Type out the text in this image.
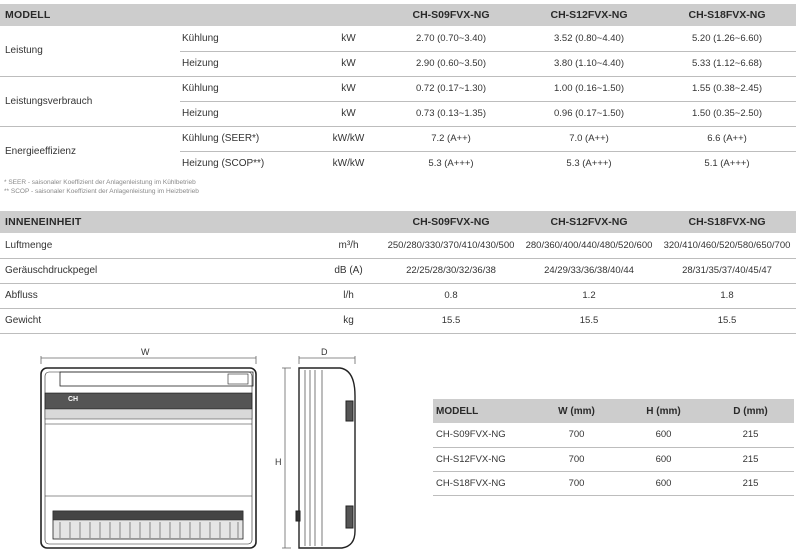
MODELL			CH-S09FVX-NG	CH-S12FVX-NG	CH-S18FVX-NG
Leistung	Kühlung	kW	2.70 (0.70~3.40)	3.52 (0.80~4.40)	5.20 (1.26~6.60)
	Heizung	kW	2.90 (0.60~3.50)	3.80 (1.10~4.40)	5.33 (1.12~6.68)
Leistungsverbrauch	Kühlung	kW	0.72 (0.17~1.30)	1.00 (0.16~1.50)	1.55 (0.38~2.45)
	Heizung	kW	0.73 (0.13~1.35)	0.96 (0.17~1.50)	1.50 (0.35~2.50)
Energieeffizienz	Kühlung (SEER*)	kW/kW	7.2 (A++)	7.0 (A++)	6.6 (A++)
	Heizung (SCOP**)	kW/kW	5.3 (A+++)	5.3 (A+++)	5.1 (A+++)
* SEER - saisonaler Koeffizient der Anlagenleistung im Kühlbetrieb
** SCOP - saisonaler Koeffizient der Anlagenleistung im Heizbetrieb
INNENEINHEIT		CH-S09FVX-NG	CH-S12FVX-NG	CH-S18FVX-NG
Luftmenge	m³/h	250/280/330/370/410/430/500	280/360/400/440/480/520/600	320/410/460/520/580/650/700
Geräuschdruckpegel	dB (A)	22/25/28/30/32/36/38	24/29/33/36/38/40/44	28/31/35/37/40/45/47
Abfluss	l/h	0.8	1.2	1.8
Gewicht	kg	15.5	15.5	15.5
W
CH
D
H
MODELL	W (mm)	H (mm)	D (mm)
CH-S09FVX-NG	700	600	215
CH-S12FVX-NG	700	600	215
CH-S18FVX-NG	700	600	215
